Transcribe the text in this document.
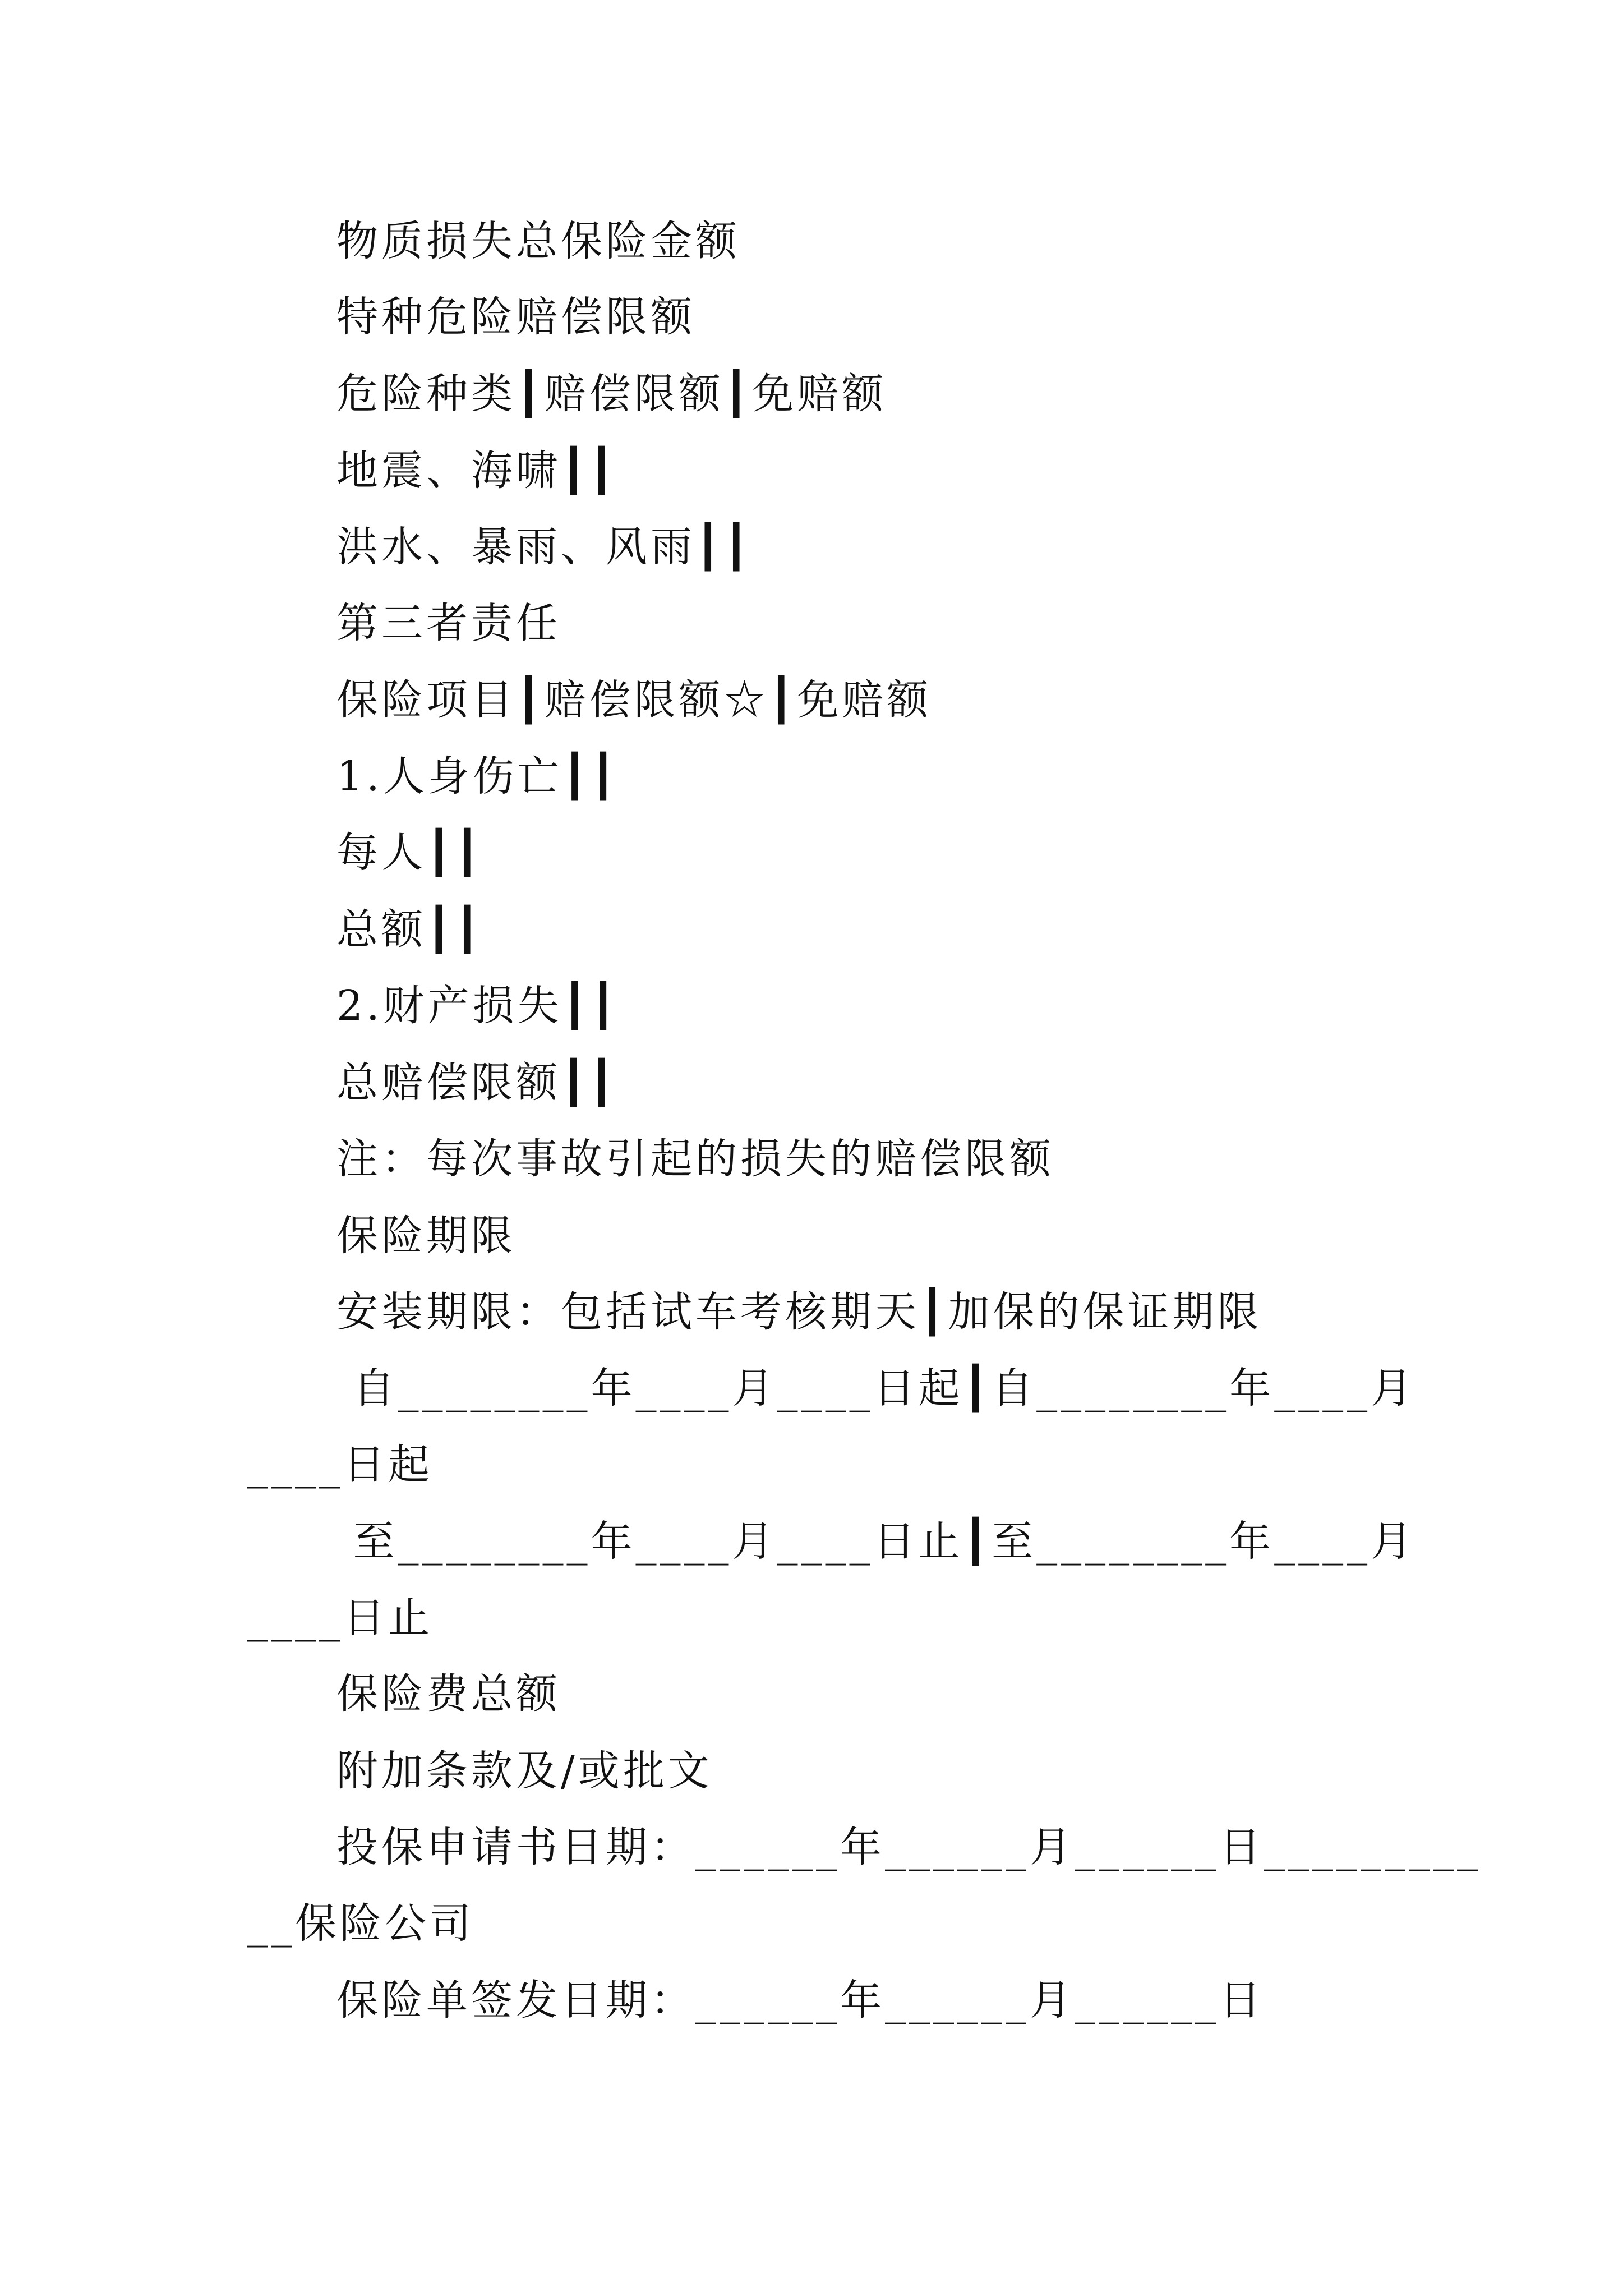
物质损失总保险金额
特种危险赔偿限额
危险种类┃赔偿限额┃免赔额
地震、海啸┃┃
洪水、暴雨、风雨┃┃
第三者责任
保险项目┃赔偿限额☆┃免赔额
1.人身伤亡┃┃
每人┃┃
总额┃┃
2.财产损失┃┃
总赔偿限额┃┃
注：每次事故引起的损失的赔偿限额
保险期限
安装期限：包括试车考核期天┃加保的保证期限
自________年____月____日起┃自________年____月
____日起
至________年____月____日止┃至________年____月
____日止
保险费总额
附加条款及/或批文
投保申请书日期：______年______月______日_________
__保险公司
保险单签发日期：______年______月______日
